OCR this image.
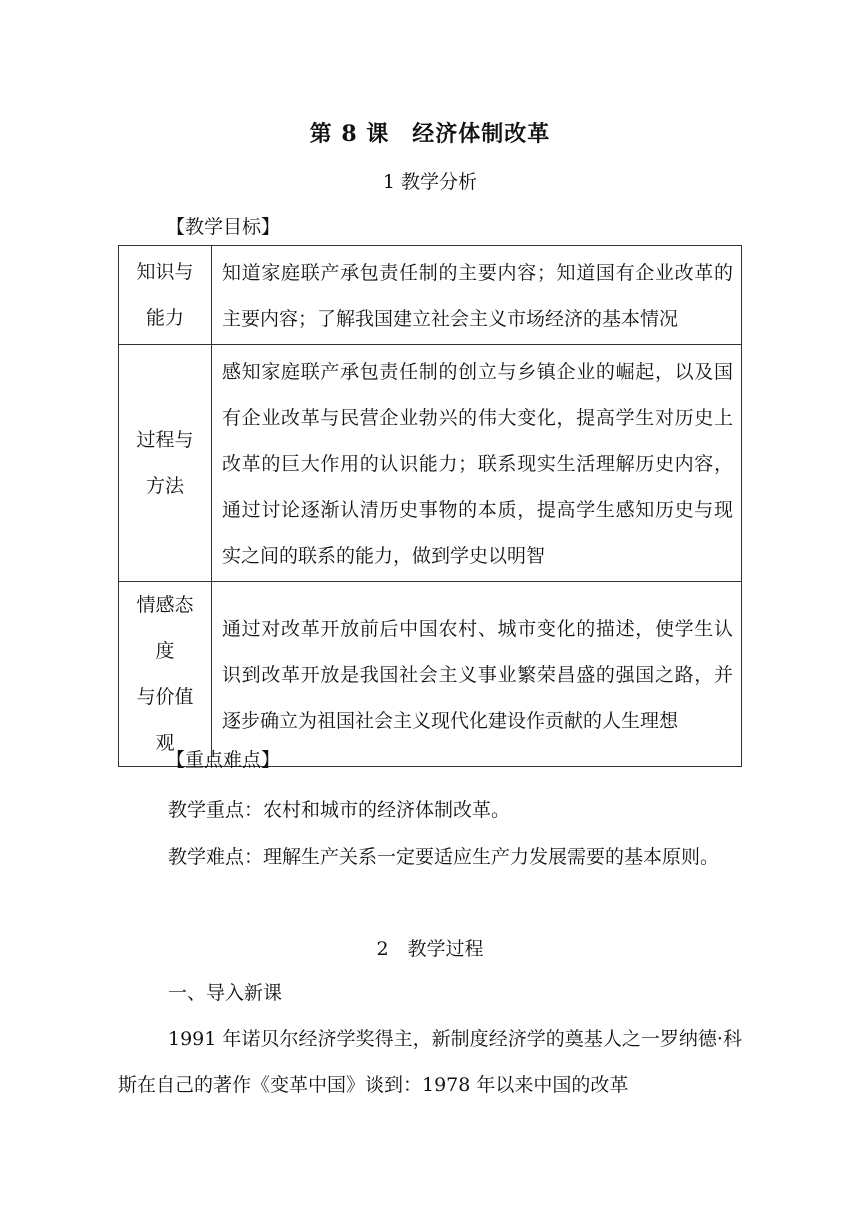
第 8 课　经济体制改革
1 教学分析
【教学目标】
知识与
能力	知道家庭联产承包责任制的主要内容；知道国有企业改革的主要内容；了解我国建立社会主义市场经济的基本情况

过程与
方法	感知家庭联产承包责任制的创立与乡镇企业的崛起，以及国有企业改革与民营企业勃兴的伟大变化，提高学生对历史上改革的巨大作用的认识能力；联系现实生活理解历史内容，通过讨论逐渐认清历史事物的本质，提高学生感知历史与现实之间的联系的能力，做到学史以明智

情感态
度
与价值
观	通过对改革开放前后中国农村、城市变化的描述，使学生认识到改革开放是我国社会主义事业繁荣昌盛的强国之路，并逐步确立为祖国社会主义现代化建设作贡献的人生理想
【重点难点】
教学重点：农村和城市的经济体制改革。
教学难点：理解生产关系一定要适应生产力发展需要的基本原则。
2　教学过程
一、导入新课
1991 年诺贝尔经济学奖得主，新制度经济学的奠基人之一罗纳德·科斯在自己的著作《变革中国》谈到：1978 年以来中国的改革
